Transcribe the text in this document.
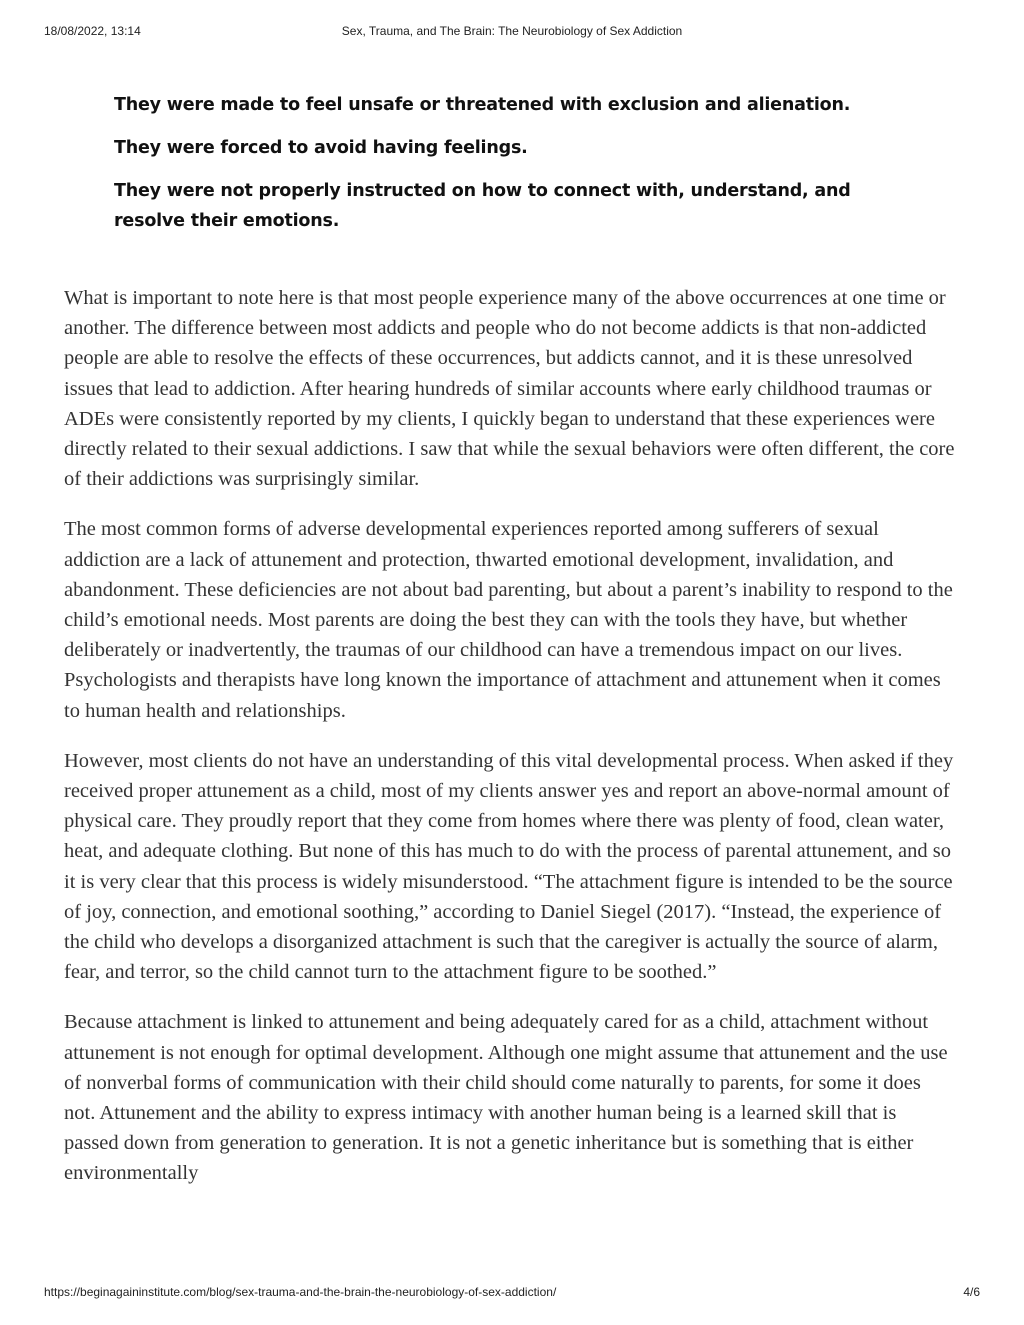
18/08/2022, 13:14	Sex, Trauma, and The Brain: The Neurobiology of Sex Addiction

They were made to feel unsafe or threatened with exclusion and alienation.

They were forced to avoid having feelings.

They were not properly instructed on how to connect with, understand, and resolve their emotions.

What is important to note here is that most people experience many of the above occurrences at one time or another. The difference between most addicts and people who do not become addicts is that non-addicted people are able to resolve the effects of these occurrences, but addicts cannot, and it is these unresolved issues that lead to addiction. After hearing hundreds of similar accounts where early childhood traumas or ADEs were consistently reported by my clients, I quickly began to understand that these experiences were directly related to their sexual addictions. I saw that while the sexual behaviors were often different, the core of their addictions was surprisingly similar.

The most common forms of adverse developmental experiences reported among sufferers of sexual addiction are a lack of attunement and protection, thwarted emotional development, invalidation, and abandonment. These deficiencies are not about bad parenting, but about a parent’s inability to respond to the child’s emotional needs. Most parents are doing the best they can with the tools they have, but whether deliberately or inadvertently, the traumas of our childhood can have a tremendous impact on our lives. Psychologists and therapists have long known the importance of attachment and attunement when it comes to human health and relationships.

However, most clients do not have an understanding of this vital developmental process. When asked if they received proper attunement as a child, most of my clients answer yes and report an above-normal amount of physical care. They proudly report that they come from homes where there was plenty of food, clean water, heat, and adequate clothing. But none of this has much to do with the process of parental attunement, and so it is very clear that this process is widely misunderstood. “The attachment figure is intended to be the source of joy, connection, and emotional soothing,” according to Daniel Siegel (2017). “Instead, the experience of the child who develops a disorganized attachment is such that the caregiver is actually the source of alarm, fear, and terror, so the child cannot turn to the attachment figure to be soothed.”

Because attachment is linked to attunement and being adequately cared for as a child, attachment without attunement is not enough for optimal development. Although one might assume that attunement and the use of nonverbal forms of communication with their child should come naturally to parents, for some it does not. Attunement and the ability to express intimacy with another human being is a learned skill that is passed down from generation to generation. It is not a genetic inheritance but is something that is either environmentally

https://beginagaininstitute.com/blog/sex-trauma-and-the-brain-the-neurobiology-of-sex-addiction/	4/6
